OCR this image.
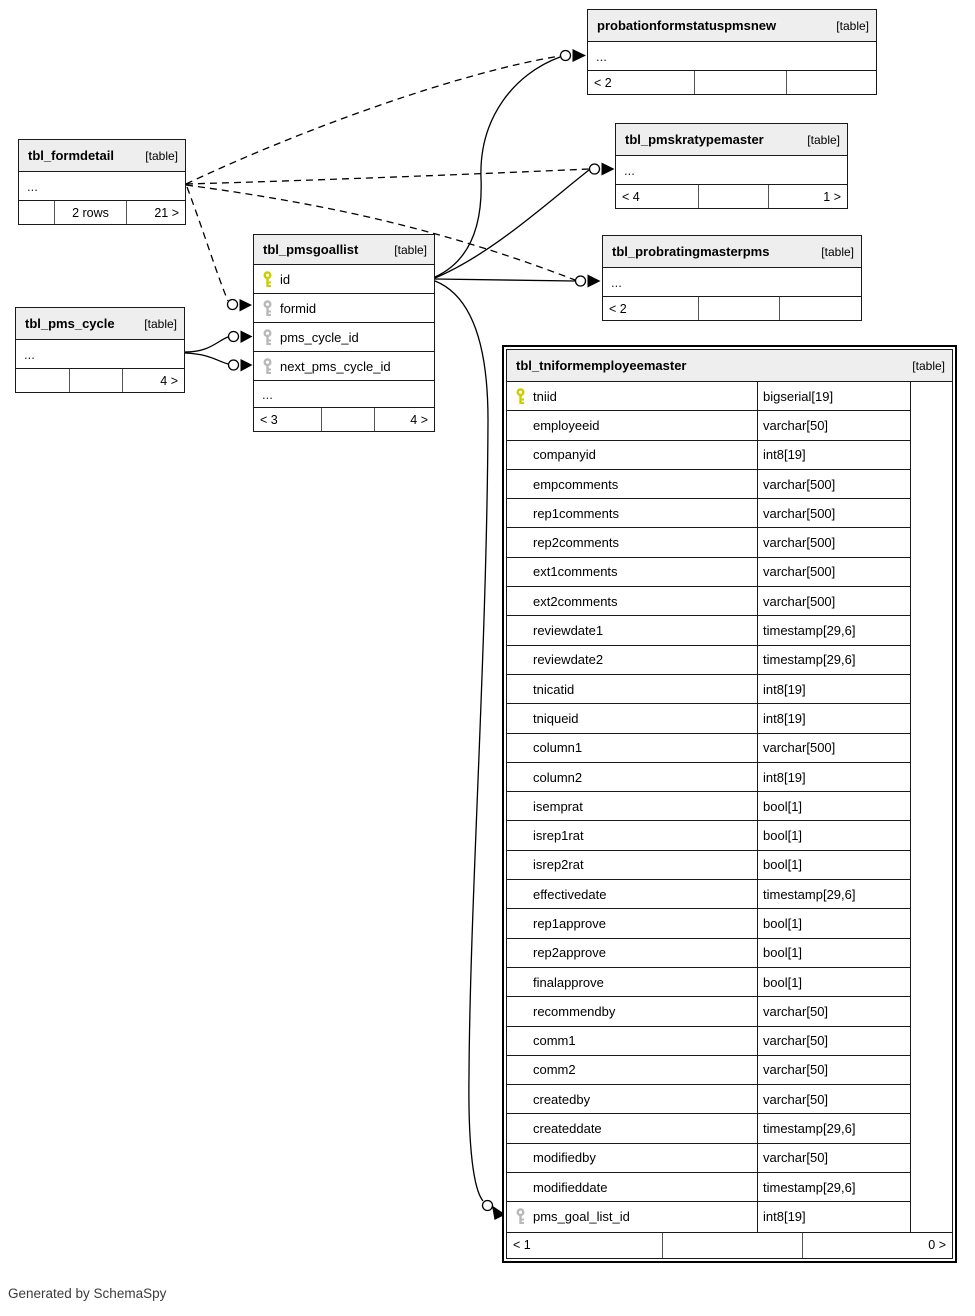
probationformstatuspmsnew	[table]
...
< 2
tbl_formdetail	[table]
...
2 rows	21 >
tbl_pmskratypemaster	[table]
...
< 4	1 >
tbl_pmsgoallist	[table]
id
formid
pms_cycle_id
next_pms_cycle_id
...
< 3	4 >
tbl_pms_cycle [table]
...
4 >
tbl_probratingmasterpms	[table]
...
< 2
tbl_tniformemployeemaster	[table]
tniid	bigserial[19]
employeeid	varchar[50]
companyid	int8[19]
empcomments	varchar[500]
rep1comments	varchar[500]
rep2comments	varchar[500]
ext1comments	varchar[500]
ext2comments	varchar[500]
reviewdate1	timestamp[29,6]
reviewdate2	timestamp[29,6]
tnicatid	int8[19]
tniqueid	int8[19]
column1	varchar[500]
column2	int8[19]
isemprat	bool[1]
isrep1rat	bool[1]
isrep2rat	bool[1]
effectivedate	timestamp[29,6]
rep1approve	bool[1]
rep2approve	bool[1]
finalapprove	bool[1]
recommendby	varchar[50]
comm1	varchar[50]
comm2	varchar[50]
createdby	varchar[50]
createddate	timestamp[29,6]
modifiedby	varchar[50]
modifieddate	timestamp[29,6]
pms_goal_list_id	int8[19]
< 1	0 >
Generated by SchemaSpy
